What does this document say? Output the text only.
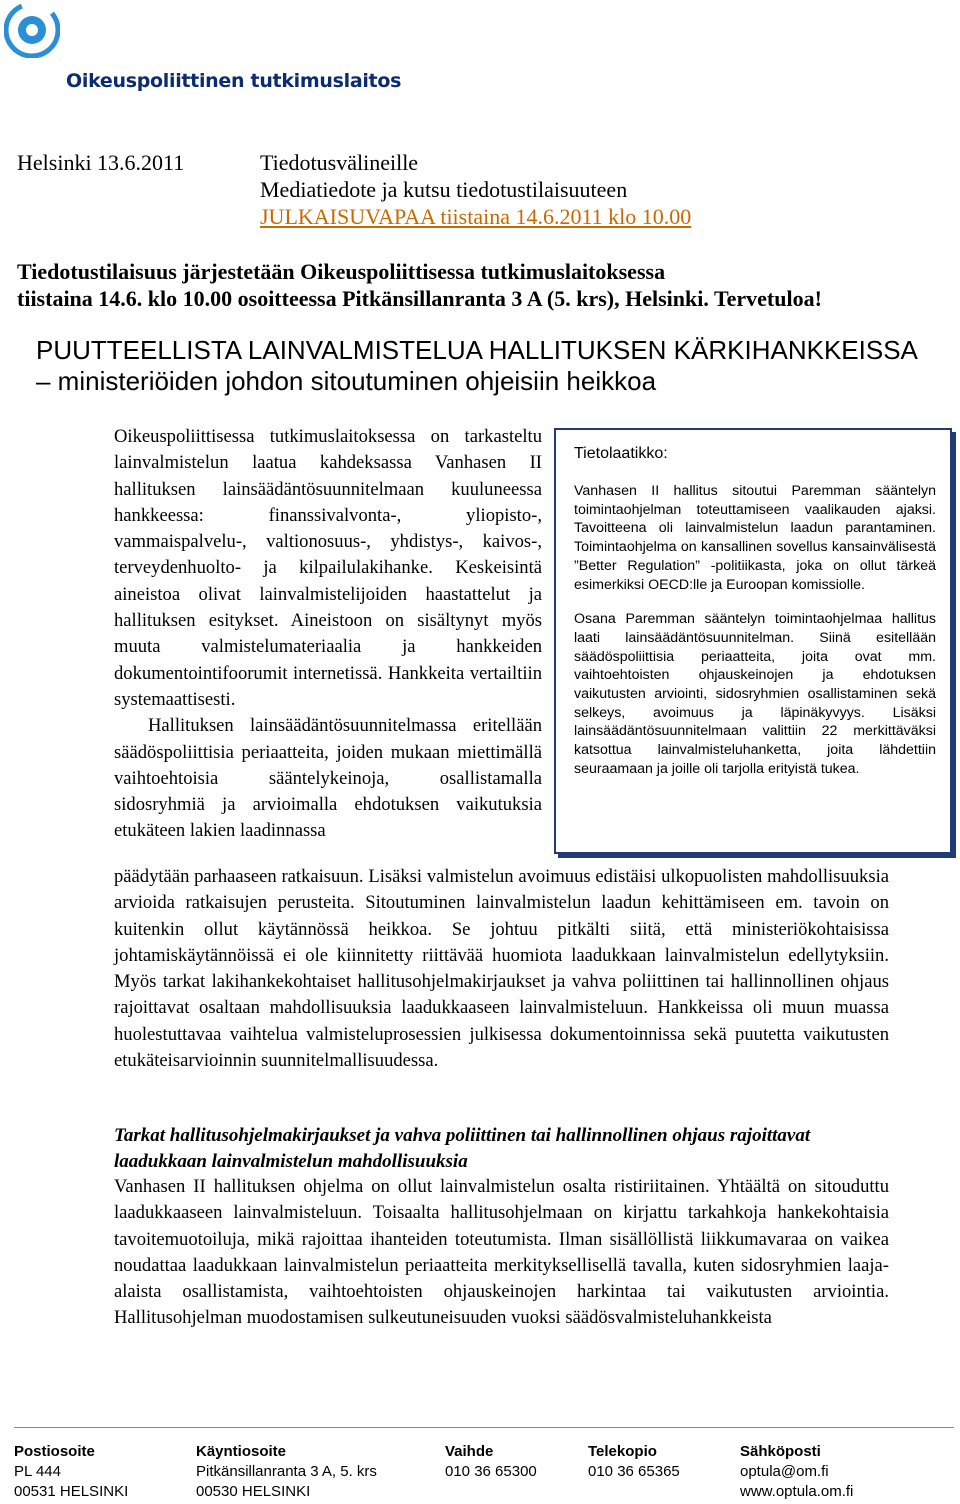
Oikeuspoliittinen tutkimuslaitos
Helsinki 13.6.2011	Tiedotusvälineille
Mediatiedote ja kutsu tiedotustilaisuuteen
JULKAISUVAPAA tiistaina 14.6.2011 klo 10.00
Tiedotustilaisuus järjestetään Oikeuspoliittisessa tutkimuslaitoksessa
tiistaina 14.6. klo 10.00 osoitteessa Pitkänsillanranta 3 A (5. krs), Helsinki. Tervetuloa!
PUUTTEELLISTA LAINVALMISTELUA HALLITUKSEN KÄRKIHANKKEISSA
– ministeriöiden johdon sitoutuminen ohjeisiin heikkoa

Oikeuspoliittisessa tutkimuslaitoksessa on tarkasteltu lainvalmistelun laatua kahdeksassa Vanhasen II hallituksen lainsäädäntösuunnitelmaan kuuluneessa hankkeessa: finanssivalvonta-, yliopisto-, vammaispalvelu-, valtionosuus-, yhdistys-, kaivos-, terveydenhuolto- ja kilpailulakihanke. Keskeisintä aineistoa olivat lainvalmistelijoiden haastattelut ja hallituksen esitykset. Aineistoon on sisältynyt myös muuta valmistelumateriaalia ja hankkeiden dokumentointifoorumit internetissä. Hankkeita vertailtiin systemaattisesti.

Hallituksen lainsäädäntösuunnitelmassa eritellään säädöspoliittisia periaatteita, joiden mukaan miettimällä vaihtoehtoisia sääntelykeinoja, osallistamalla sidosryhmiä ja arvioimalla ehdotuksen vaikutuksia etukäteen lakien laadinnassa

Tietolaatikko:

Vanhasen II hallitus sitoutui Paremman sääntelyn toimintaohjelman toteuttamiseen vaalikauden ajaksi. Tavoitteena oli lainvalmistelun laadun parantaminen. Toimintaohjelma on kansallinen sovellus kansainvälisestä ”Better Regulation” -politiikasta, joka on ollut tärkeä esimerkiksi OECD:lle ja Euroopan komissiolle.

Osana Paremman sääntelyn toimintaohjelmaa hallitus laati lainsäädäntösuunnitelman. Siinä esitellään säädöspoliittisia periaatteita, joita ovat mm. vaihtoehtoisten ohjauskeinojen ja ehdotuksen vaikutusten arviointi, sidosryhmien osallistaminen sekä selkeys, avoimuus ja läpinäkyvyys. Lisäksi lainsäädäntösuunnitelmaan valittiin 22 merkittäväksi katsottua lainvalmisteluhanketta, joita lähdettiin seuraamaan ja joille oli tarjolla erityistä tukea.

päädytään parhaaseen ratkaisuun. Lisäksi valmistelun avoimuus edistäisi ulkopuolisten mahdollisuuksia arvioida ratkaisujen perusteita. Sitoutuminen lainvalmistelun laadun kehittämiseen em. tavoin on kuitenkin ollut käytännössä heikkoa. Se johtuu pitkälti siitä, että ministeriökohtaisissa johtamiskäytännöissä ei ole kiinnitetty riittävää huomiota laadukkaan lainvalmistelun edellytyksiin. Myös tarkat lakihankekohtaiset hallitusohjelmakirjaukset ja vahva poliittinen tai hallinnollinen ohjaus rajoittavat osaltaan mahdollisuuksia laadukkaaseen lainvalmisteluun. Hankkeissa oli muun muassa huolestuttavaa vaihtelua valmisteluprosessien julkisessa dokumentoinnissa sekä puutetta vaikutusten etukäteisarvioinnin suunnitelmallisuudessa.

Tarkat hallitusohjelmakirjaukset ja vahva poliittinen tai hallinnollinen ohjaus rajoittavat laadukkaan lainvalmistelun mahdollisuuksia

Vanhasen II hallituksen ohjelma on ollut lainvalmistelun osalta ristiriitainen. Yhtäältä on sitouduttu laadukkaaseen lainvalmisteluun. Toisaalta hallitusohjelmaan on kirjattu tarkahkoja hankekohtaisia tavoitemuotoiluja, mikä rajoittaa ihanteiden toteutumista. Ilman sisällöllistä liikkumavaraa on vaikea noudattaa laadukkaan lainvalmistelun periaatteita merkityksellisellä tavalla, kuten sidosryhmien laaja-alaista osallistamista, vaihtoehtoisten ohjauskeinojen harkintaa tai vaikutusten arviointia. Hallitusohjelman muodostamisen sulkeutuneisuuden vuoksi säädösvalmisteluhankkeista

Postiosoite
PL 444
00531 HELSINKI
Käyntiosoite
Pitkänsillanranta 3 A, 5. krs
00530 HELSINKI
Vaihde
010 36 65300
Telekopio
010 36 65365
Sähköposti
optula@om.fi
www.optula.om.fi
